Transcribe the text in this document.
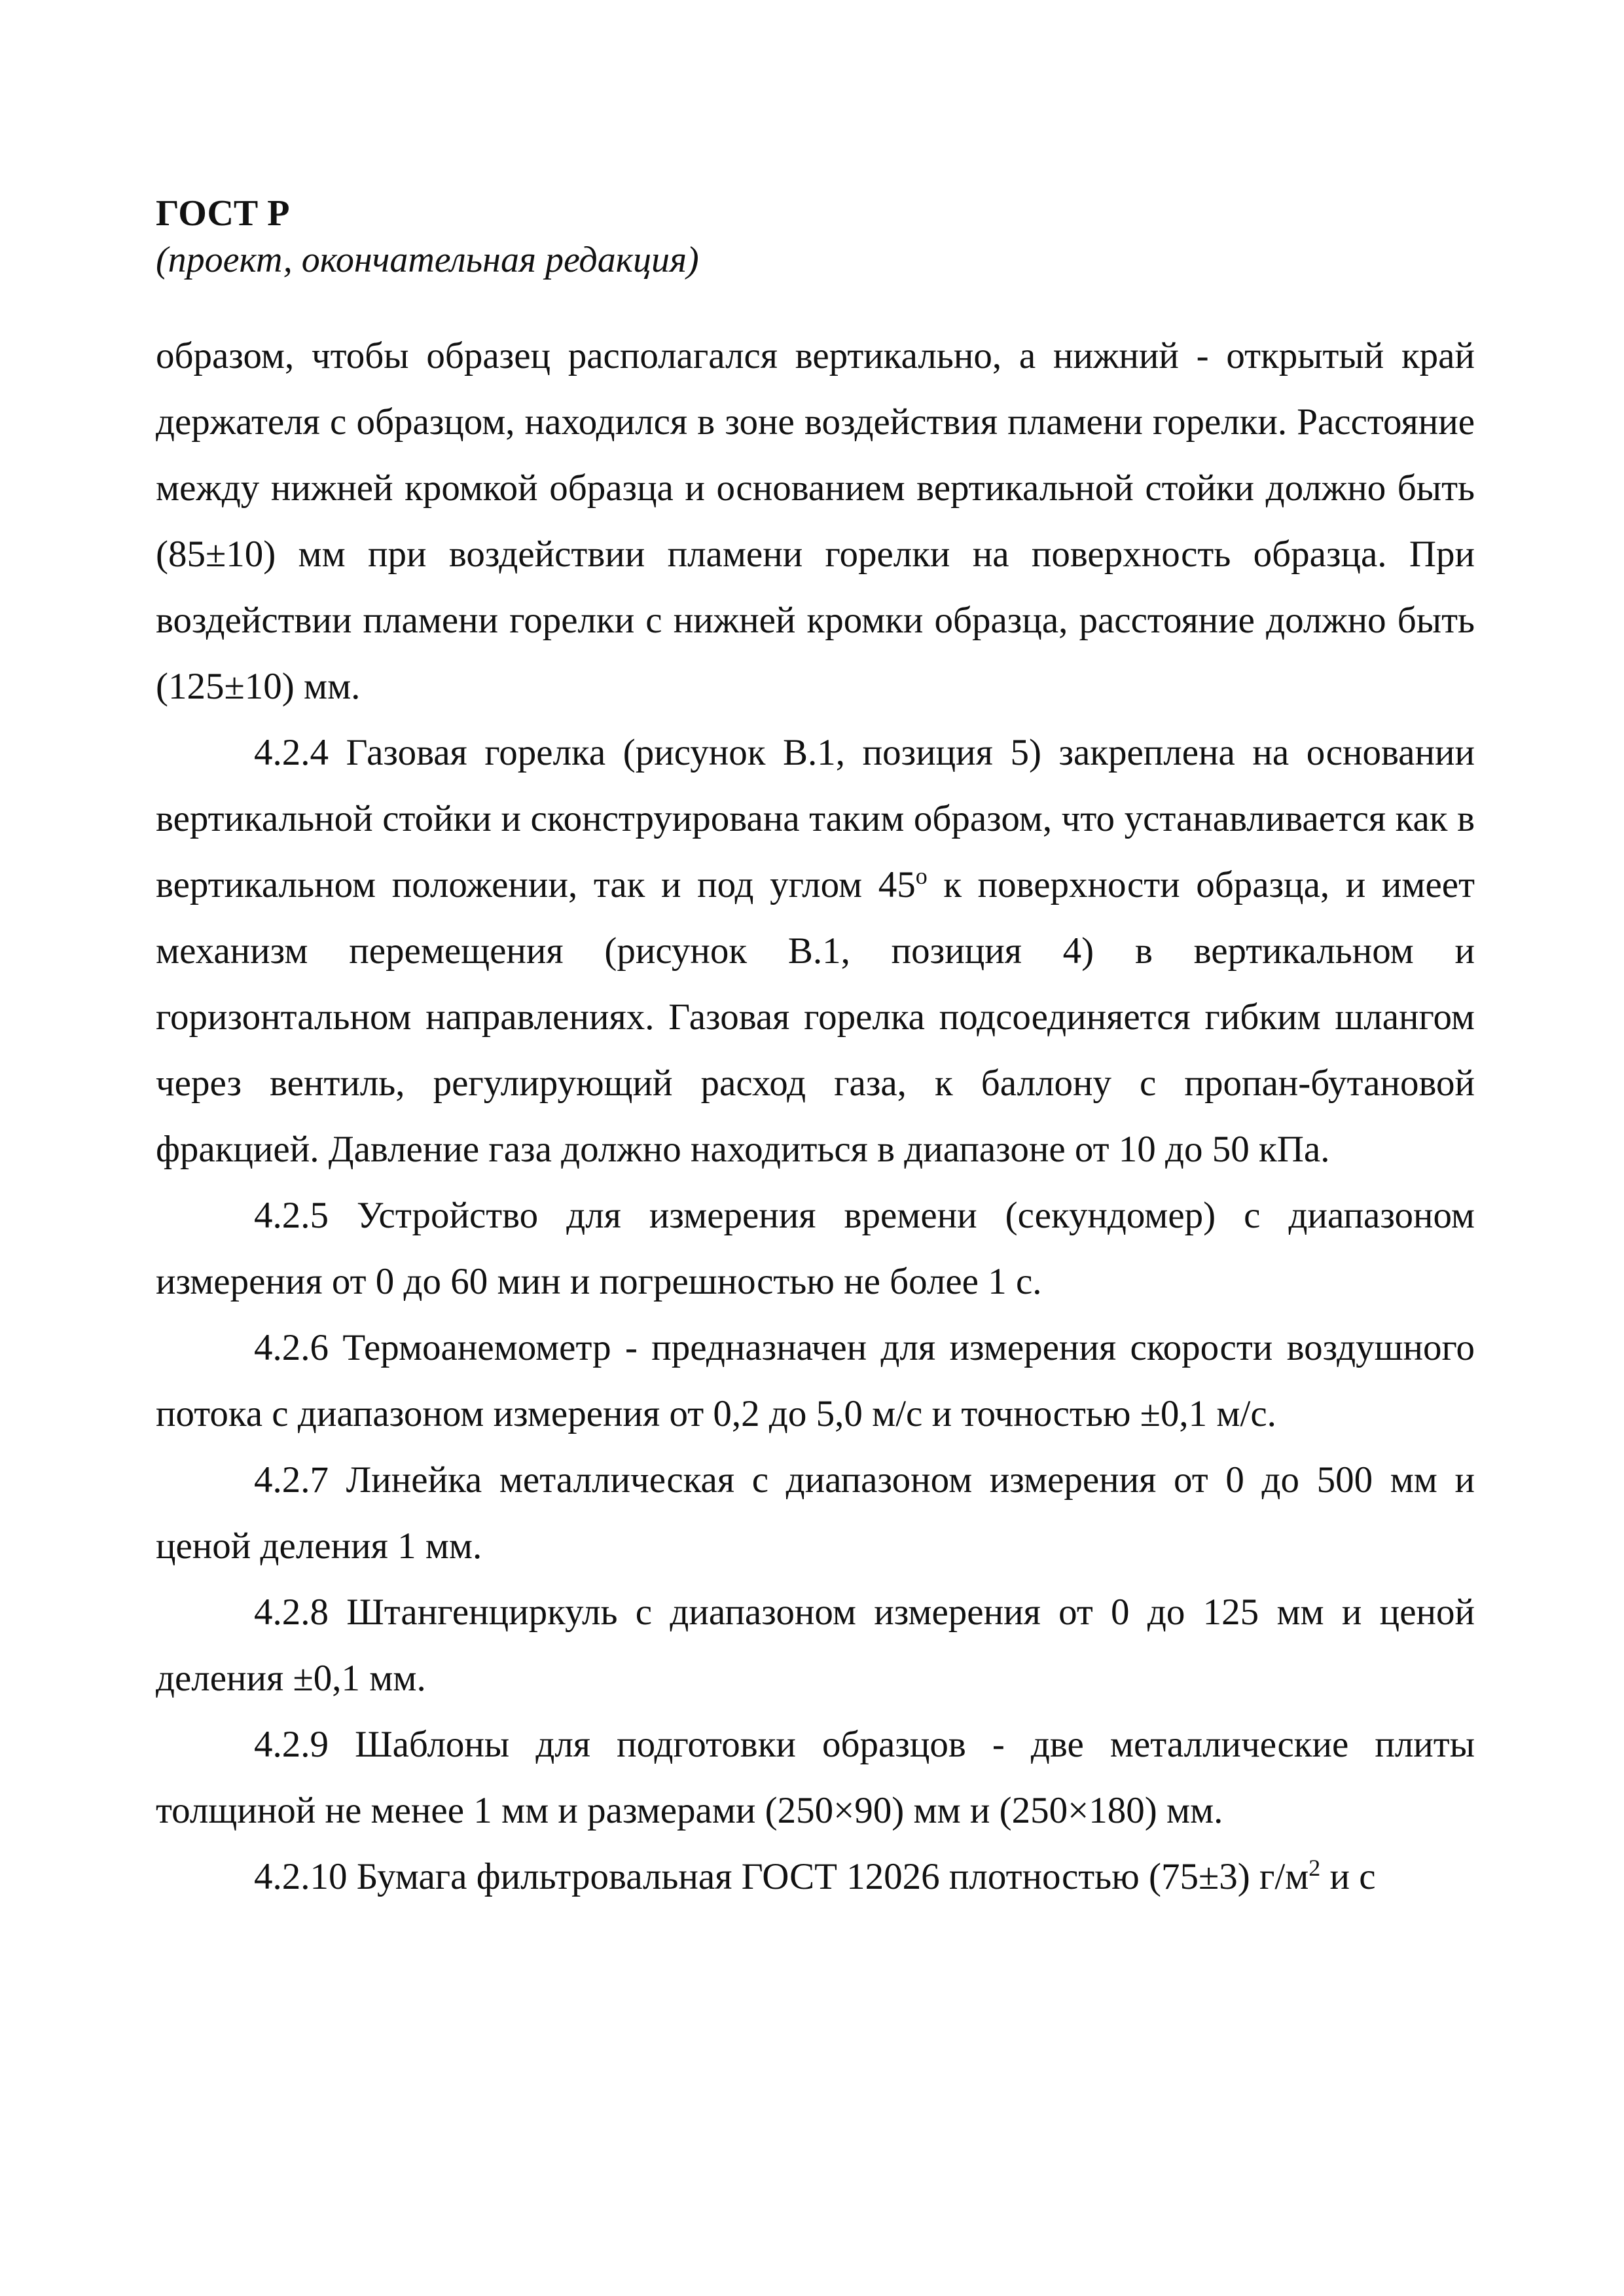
ГОСТ Р
(проект, окончательная редакция)

образом, чтобы образец располагался вертикально, а нижний - открытый край держателя с образцом, находился в зоне воздействия пламени горелки. Расстояние между нижней кромкой образца и основанием вертикальной стойки должно быть (85±10) мм при воздействии пламени горелки на поверхность образца. При воздействии пламени горелки с нижней кромки образца, расстояние должно быть (125±10) мм.

4.2.4 Газовая горелка (рисунок В.1, позиция 5) закреплена на основании вертикальной стойки и сконструирована таким образом, что устанавливается как в вертикальном положении, так и под углом $45^о$ к поверхности образца, и имеет механизм перемещения (рисунок В.1, позиция 4) в вертикальном и горизонтальном направлениях. Газовая горелка подсоединяется гибким шлангом через вентиль, регулирующий расход газа, к баллону с пропан-бутановой фракцией. Давление газа должно находиться в диапазоне от 10 до 50 кПа.

4.2.5 Устройство для измерения времени (секундомер) с диапазоном измерения от 0 до 60 мин и погрешностью не более 1 с.

4.2.6 Термоанемометр - предназначен для измерения скорости воздушного потока с диапазоном измерения от 0,2 до 5,0 м/с и точностью ±0,1 м/с.

4.2.7 Линейка металлическая с диапазоном измерения от 0 до 500 мм и ценой деления 1 мм.

4.2.8 Штангенциркуль с диапазоном измерения от 0 до 125 мм и ценой деления ±0,1 мм.

4.2.9 Шаблоны для подготовки образцов - две металлические плиты толщиной не менее 1 мм и размерами (250×90) мм и (250×180) мм.

4.2.10 Бумага фильтровальная ГОСТ 12026 плотностью (75±3) $г/м^2$ и с
